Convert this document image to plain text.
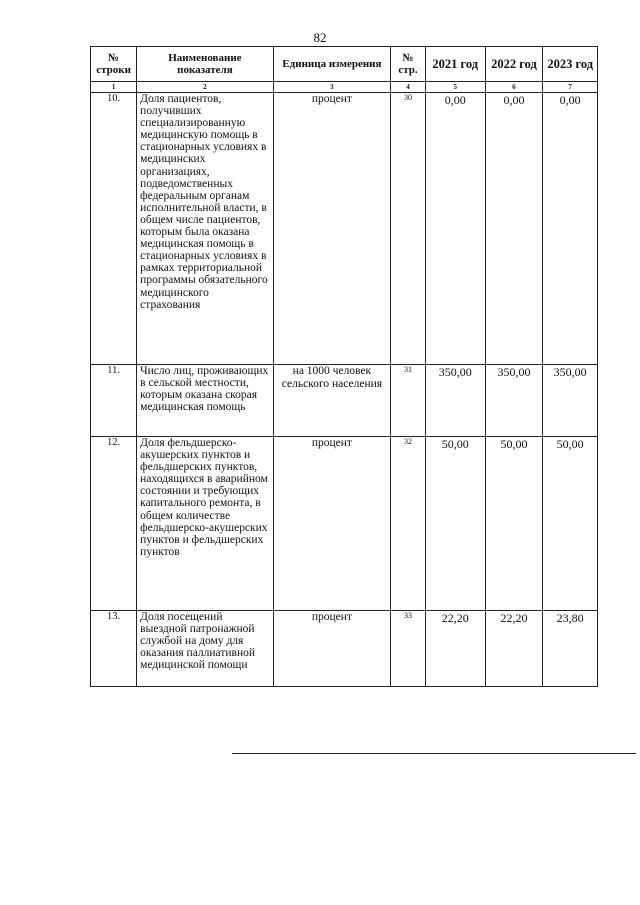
82
№ строки	Наименование показателя	Единица измерения	№ стр.	2021 год	2022 год	2023 год
1	2	3	4	5	6	7
10.	Доля пациентов, получивших специализированную медицинскую помощь в стационарных условиях в медицинских организациях, подведомственных федеральным органам исполнительной власти, в общем числе пациентов, которым была оказана медицинская помощь в стационарных условиях в рамках территориальной программы обязательного медицинского страхования	процент	30	0,00	0,00	0,00
11.	Число лиц, проживающих в сельской местности, которым оказана скорая медицинская помощь	на 1000 человек сельского населения	31	350,00	350,00	350,00
12.	Доля фельдшерско-акушерских пунктов и фельдшерских пунктов, находящихся в аварийном состоянии и требующих капитального ремонта, в общем количестве фельдшерско-акушерских пунктов и фельдшерских пунктов	процент	32	50,00	50,00	50,00
13.	Доля посещений выездной патронажной службой на дому для оказания паллиативной медицинской помощи	процент	33	22,20	22,20	23,80
